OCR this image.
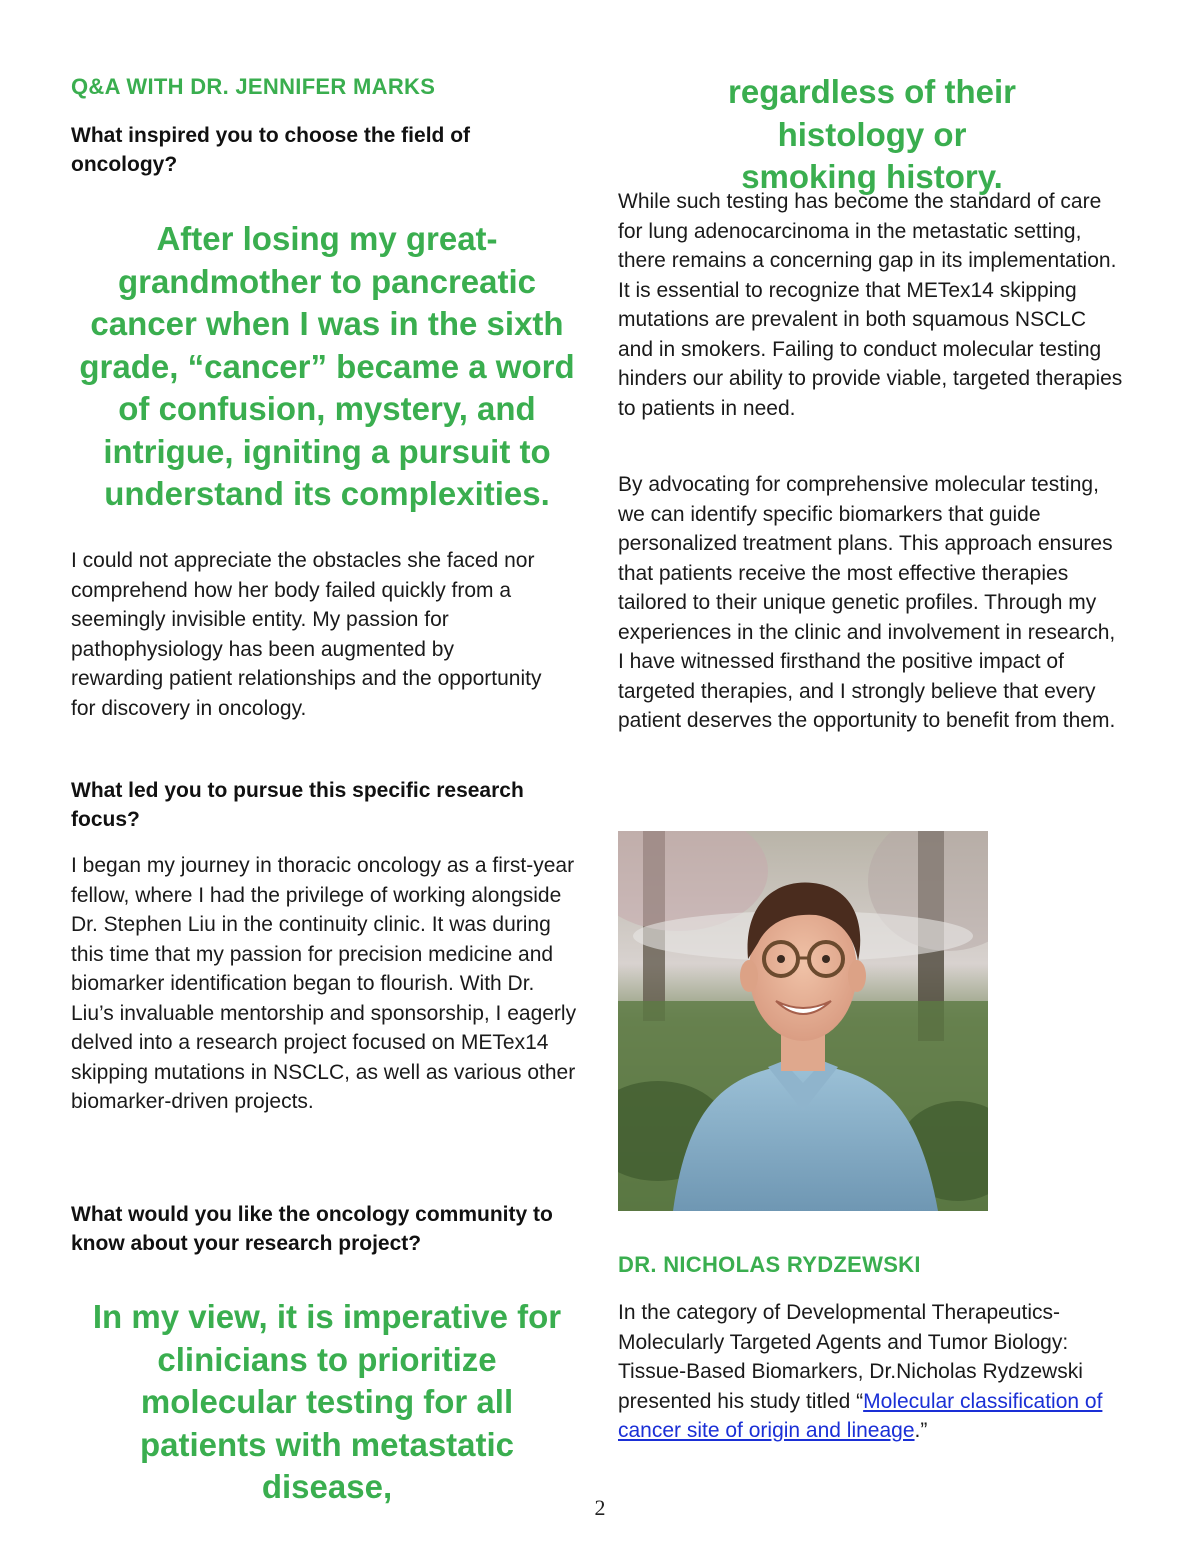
Q&A WITH DR. JENNIFER MARKS

What inspired you to choose the field of oncology?

After losing my great-grandmother to pancreatic cancer when I was in the sixth grade, “cancer” became a word of confusion, mystery, and intrigue, igniting a pursuit to understand its complexities.

I could not appreciate the obstacles she faced nor comprehend how her body failed quickly from a seemingly invisible entity. My passion for pathophysiology has been augmented by rewarding patient relationships and the opportunity for discovery in oncology.

What led you to pursue this specific research focus?

I began my journey in thoracic oncology as a first-year fellow, where I had the privilege of working alongside Dr. Stephen Liu in the continuity clinic. It was during this time that my passion for precision medicine and biomarker identification began to flourish. With Dr. Liu’s invaluable mentorship and sponsorship, I eagerly delved into a research project focused on METex14 skipping mutations in NSCLC, as well as various other biomarker-driven projects.

What would you like the oncology community to know about your research project?

In my view, it is imperative for clinicians to prioritize molecular testing for all patients with metastatic disease,

regardless of their histology or smoking history.

While such testing has become the standard of care for lung adenocarcinoma in the metastatic setting, there remains a concerning gap in its implementation. It is essential to recognize that METex14 skipping mutations are prevalent in both squamous NSCLC and in smokers. Failing to conduct molecular testing hinders our ability to provide viable, targeted therapies to patients in need.

By advocating for comprehensive molecular testing, we can identify specific biomarkers that guide personalized treatment plans. This approach ensures that patients receive the most effective therapies tailored to their unique genetic profiles. Through my experiences in the clinic and involvement in research, I have witnessed firsthand the positive impact of targeted therapies, and I strongly believe that every patient deserves the opportunity to benefit from them.

DR. NICHOLAS RYDZEWSKI

In the category of Developmental Therapeutics-Molecularly Targeted Agents and Tumor Biology: Tissue-Based Biomarkers, Dr.Nicholas Rydzewski presented his study titled “Molecular classification of cancer site of origin and lineage.”

2
